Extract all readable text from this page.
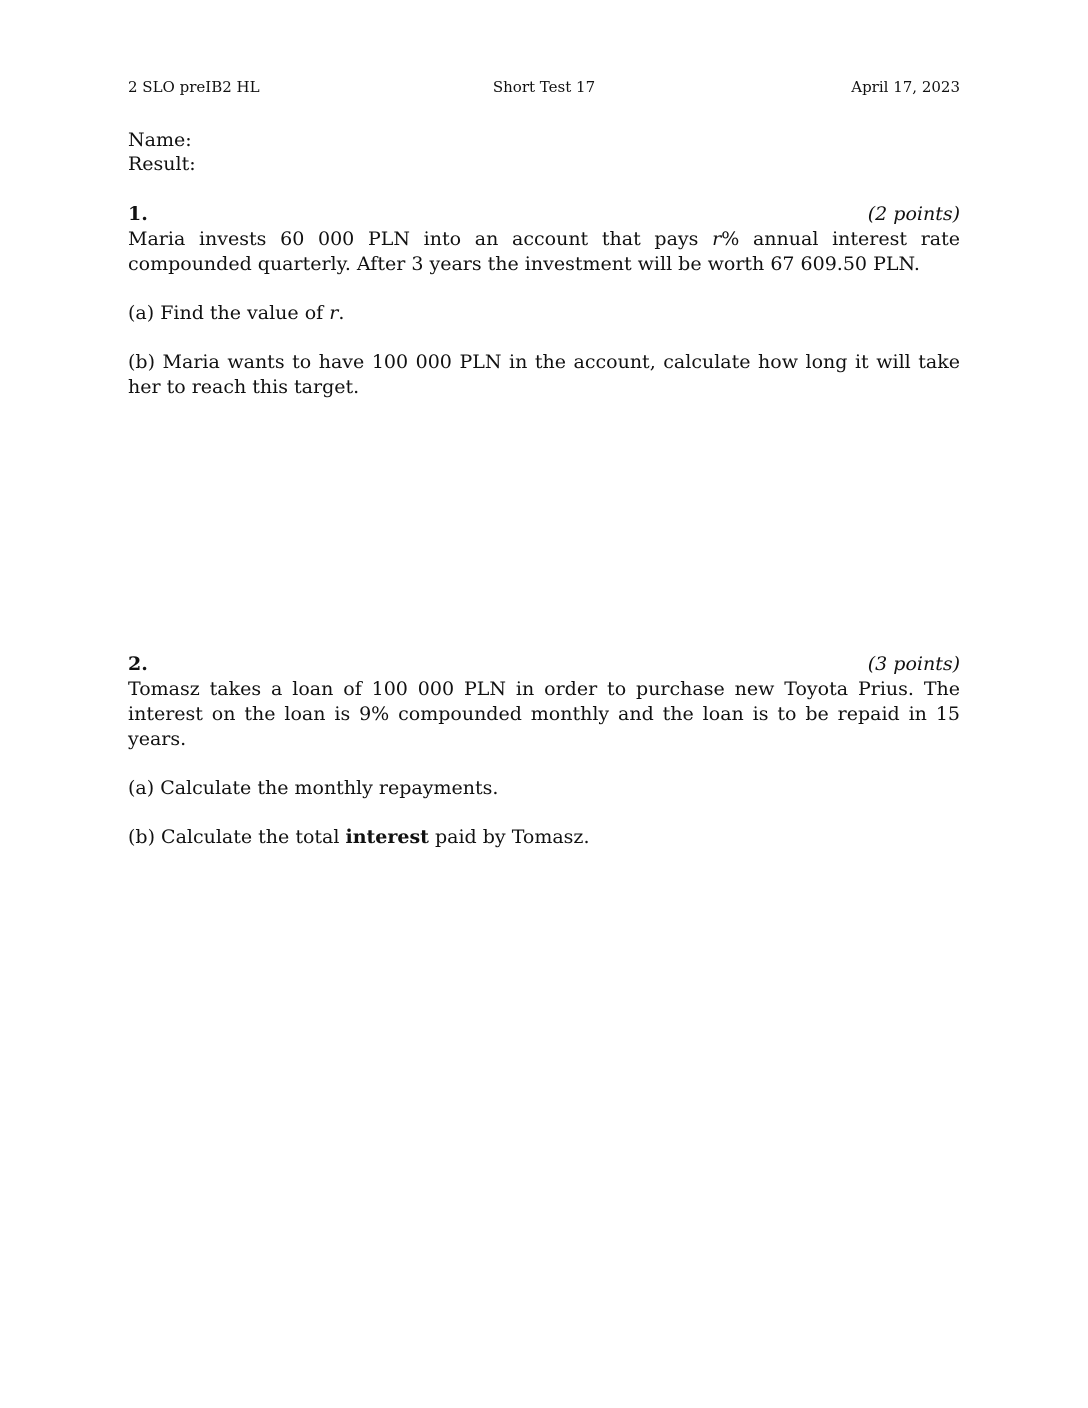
2 SLO preIB2 HL	Short Test 17	April 17, 2023
Name:
Result:
1.	(2 points)

Maria invests 60 000 PLN into an account that pays r% annual interest rate compounded quarterly. After 3 years the investment will be worth 67 609.50 PLN.

(a) Find the value of r.

(b) Maria wants to have 100 000 PLN in the account, calculate how long it will take her to reach this target.

2.	(3 points)

Tomasz takes a loan of 100 000 PLN in order to purchase new Toyota Prius. The interest on the loan is 9% compounded monthly and the loan is to be repaid in 15 years.

(a) Calculate the monthly repayments.

(b) Calculate the total interest paid by Tomasz.
